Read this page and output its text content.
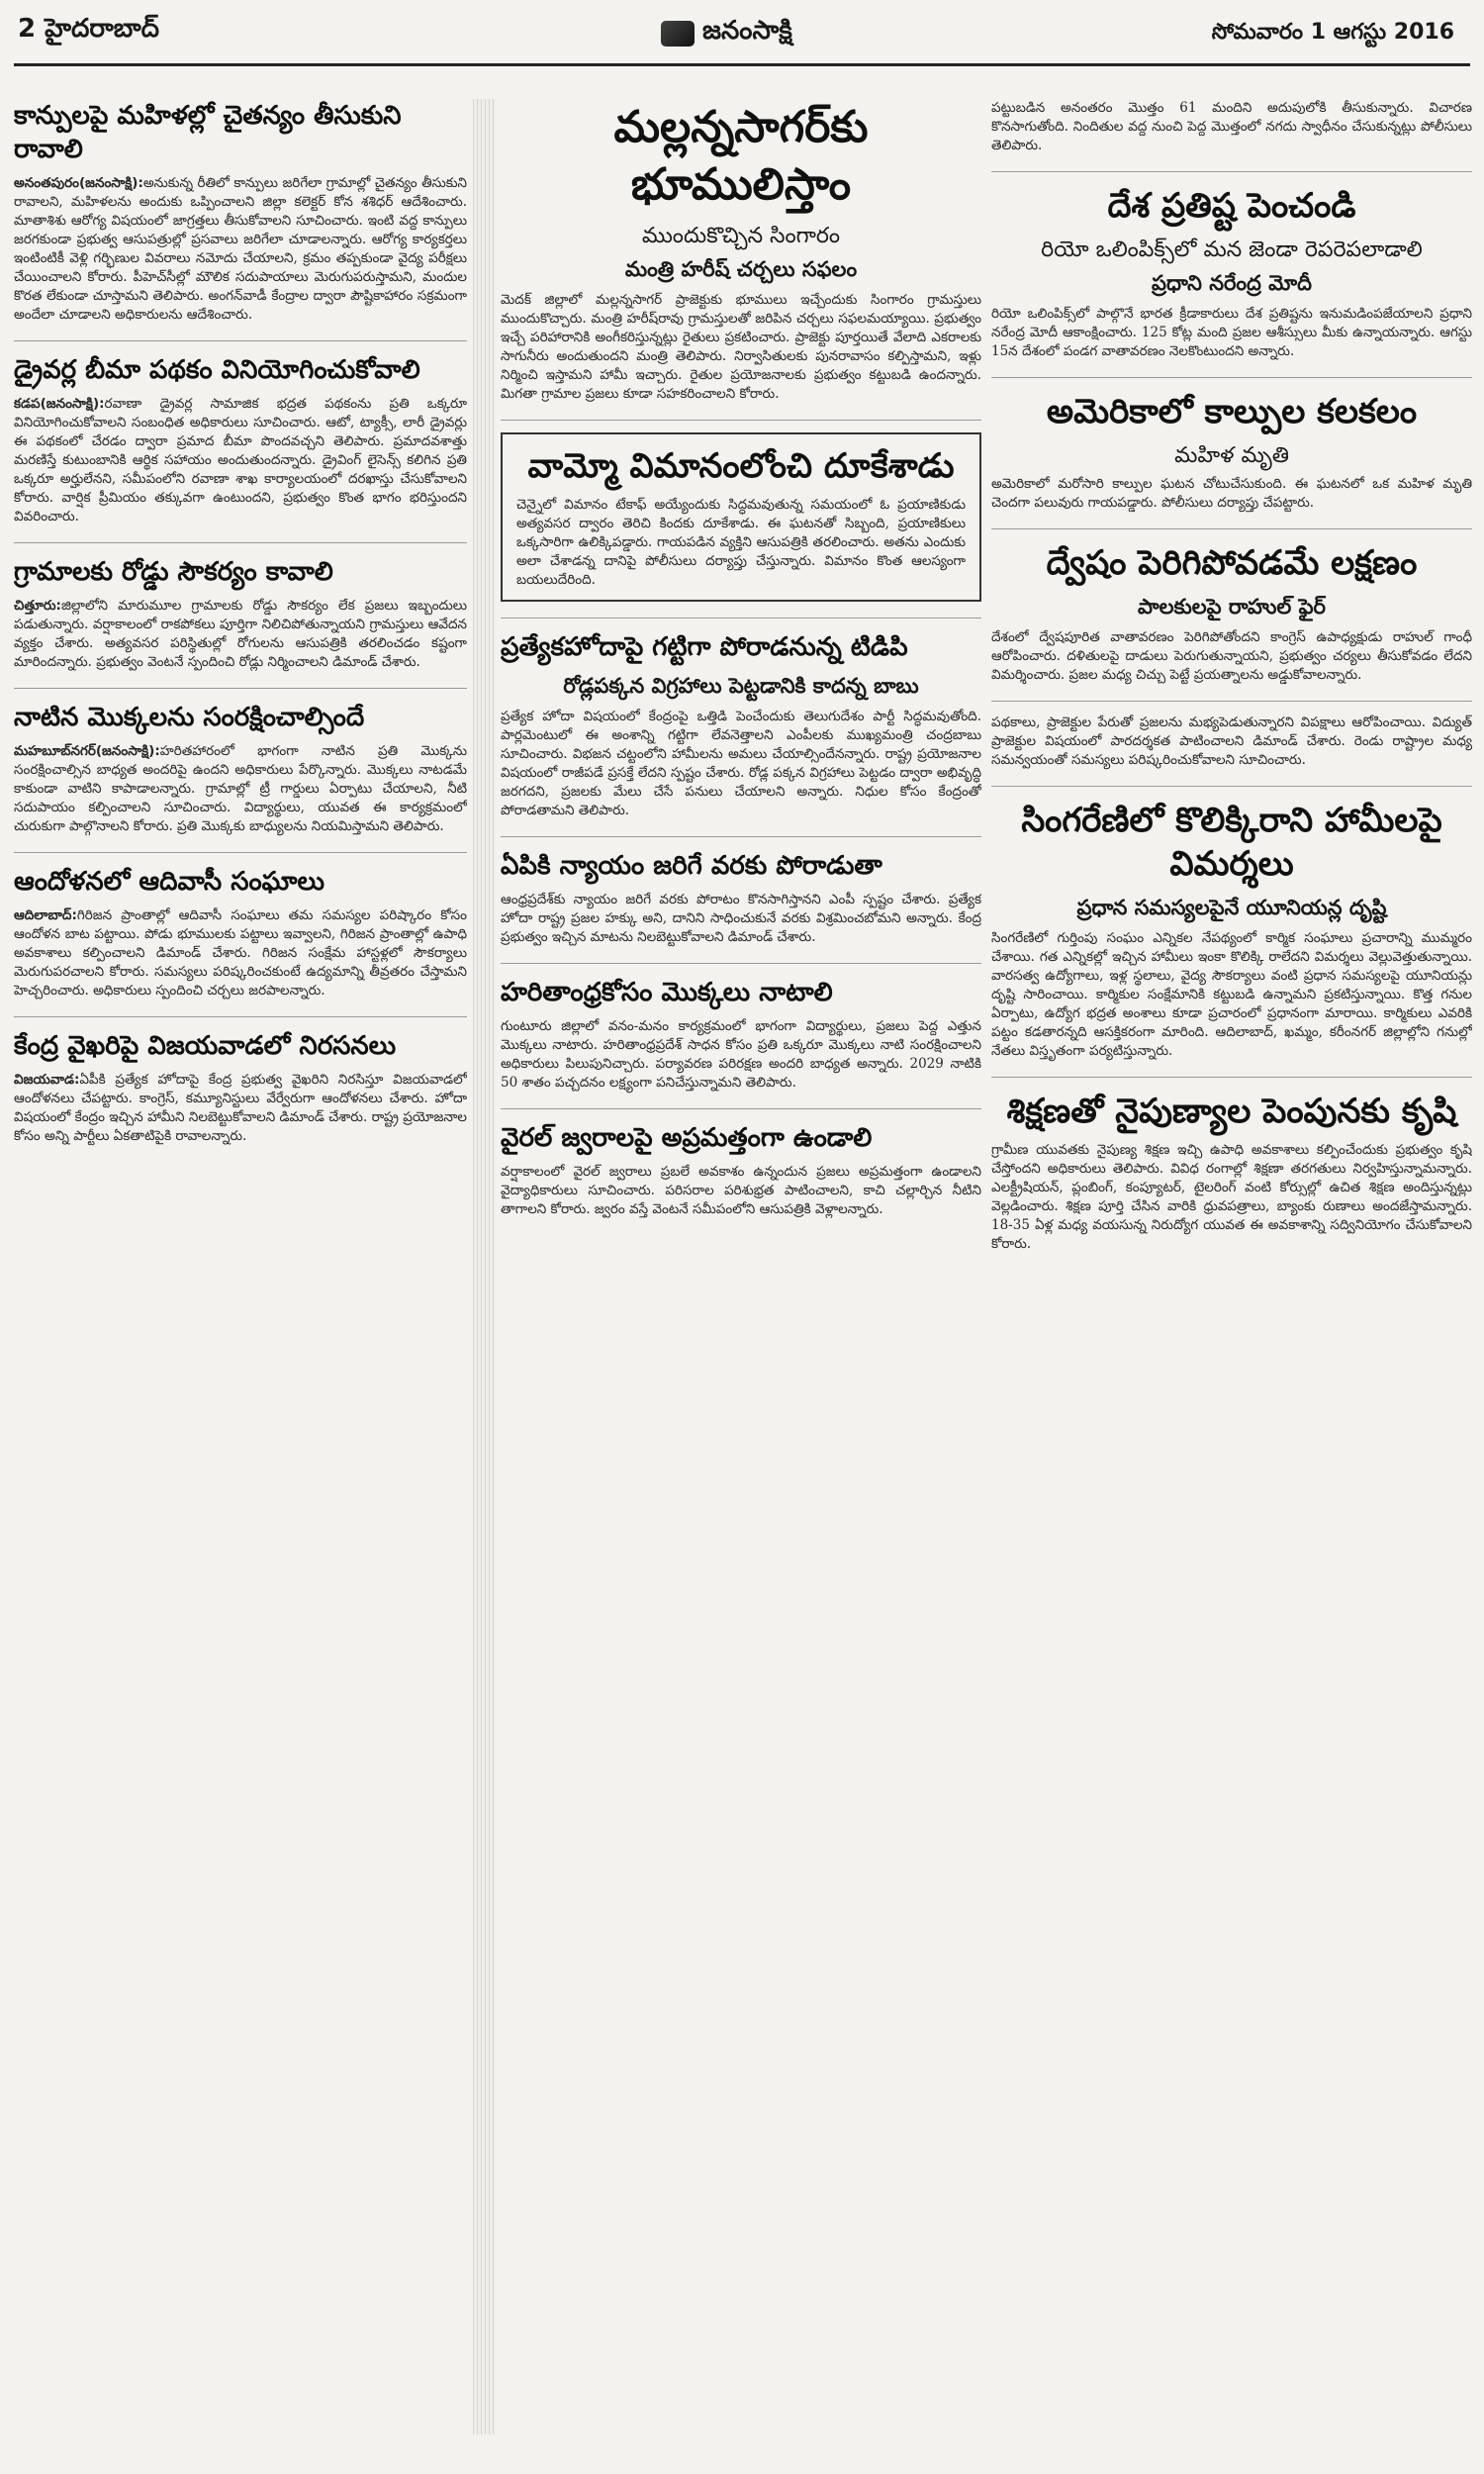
2 హైదరాబాద్	జనంసాక్షి	సోమవారం 1 ఆగస్టు 2016
కాన్పులపై మహిళల్లో చైతన్యం తీసుకుని రావాలి

అనంతపురం(జనంసాక్షి):అనుకున్న రీతిలో కాన్పులు జరిగేలా గ్రామాల్లో చైతన్యం తీసుకుని రావాలని, మహిళలను అందుకు ఒప్పించాలని జిల్లా కలెక్టర్ కోన శశిధర్ ఆదేశించారు. మాతాశిశు ఆరోగ్య విషయంలో జాగ్రత్తలు తీసుకోవాలని సూచించారు. ఇంటి వద్ద కాన్పులు జరగకుండా ప్రభుత్వ ఆసుపత్రుల్లో ప్రసవాలు జరిగేలా చూడాలన్నారు. ఆరోగ్య కార్యకర్తలు ఇంటింటికీ వెళ్లి గర్భిణుల వివరాలు నమోదు చేయాలని, క్రమం తప్పకుండా వైద్య పరీక్షలు చేయించాలని కోరారు. పీహెచ్‌సీల్లో మౌలిక సదుపాయాలు మెరుగుపరుస్తామని, మందుల కొరత లేకుండా చూస్తామని తెలిపారు. అంగన్‌వాడీ కేంద్రాల ద్వారా పౌష్టికాహారం సక్రమంగా అందేలా చూడాలని అధికారులను ఆదేశించారు.

డ్రైవర్ల బీమా పథకం వినియోగించుకోవాలి

కడప(జనంసాక్షి):రవాణా డ్రైవర్ల సామాజిక భద్రత పథకంను ప్రతి ఒక్కరూ వినియోగించుకోవాలని సంబంధిత అధికారులు సూచించారు. ఆటో, ట్యాక్సీ, లారీ డ్రైవర్లు ఈ పథకంలో చేరడం ద్వారా ప్రమాద బీమా పొందవచ్చని తెలిపారు. ప్రమాదవశాత్తు మరణిస్తే కుటుంబానికి ఆర్థిక సహాయం అందుతుందన్నారు. డ్రైవింగ్ లైసెన్స్ కలిగిన ప్రతి ఒక్కరూ అర్హులేనని, సమీపంలోని రవాణా శాఖ కార్యాలయంలో దరఖాస్తు చేసుకోవాలని కోరారు. వార్షిక ప్రీమియం తక్కువగా ఉంటుందని, ప్రభుత్వం కొంత భాగం భరిస్తుందని వివరించారు.

గ్రామాలకు రోడ్డు సౌకర్యం కావాలి

చిత్తూరు:జిల్లాలోని మారుమూల గ్రామాలకు రోడ్డు సౌకర్యం లేక ప్రజలు ఇబ్బందులు పడుతున్నారు. వర్షాకాలంలో రాకపోకలు పూర్తిగా నిలిచిపోతున్నాయని గ్రామస్తులు ఆవేదన వ్యక్తం చేశారు. అత్యవసర పరిస్థితుల్లో రోగులను ఆసుపత్రికి తరలించడం కష్టంగా మారిందన్నారు. ప్రభుత్వం వెంటనే స్పందించి రోడ్లు నిర్మించాలని డిమాండ్ చేశారు.

నాటిన మొక్కలను సంరక్షించాల్సిందే

మహబూబ్‌నగర్(జనంసాక్షి):హరితహారంలో భాగంగా నాటిన ప్రతి మొక్కను సంరక్షించాల్సిన బాధ్యత అందరిపై ఉందని అధికారులు పేర్కొన్నారు. మొక్కలు నాటడమే కాకుండా వాటిని కాపాడాలన్నారు. గ్రామాల్లో ట్రీ గార్డులు ఏర్పాటు చేయాలని, నీటి సదుపాయం కల్పించాలని సూచించారు. విద్యార్థులు, యువత ఈ కార్యక్రమంలో చురుకుగా పాల్గొనాలని కోరారు. ప్రతి మొక్కకు బాధ్యులను నియమిస్తామని తెలిపారు.

ఆందోళనలో ఆదివాసీ సంఘాలు

ఆదిలాబాద్:గిరిజన ప్రాంతాల్లో ఆదివాసీ సంఘాలు తమ సమస్యల పరిష్కారం కోసం ఆందోళన బాట పట్టాయి. పోడు భూములకు పట్టాలు ఇవ్వాలని, గిరిజన ప్రాంతాల్లో ఉపాధి అవకాశాలు కల్పించాలని డిమాండ్ చేశారు. గిరిజన సంక్షేమ హాస్టళ్లలో సౌకర్యాలు మెరుగుపరచాలని కోరారు. సమస్యలు పరిష్కరించకుంటే ఉద్యమాన్ని తీవ్రతరం చేస్తామని హెచ్చరించారు. అధికారులు స్పందించి చర్చలు జరపాలన్నారు.

కేంద్ర వైఖరిపై విజయవాడలో నిరసనలు

విజయవాడ:ఏపీకి ప్రత్యేక హోదాపై కేంద్ర ప్రభుత్వ వైఖరిని నిరసిస్తూ విజయవాడలో ఆందోళనలు చేపట్టారు. కాంగ్రెస్, కమ్యూనిస్టులు వేర్వేరుగా ఆందోళనలు చేశారు. హోదా విషయంలో కేంద్రం ఇచ్చిన హామీని నిలబెట్టుకోవాలని డిమాండ్ చేశారు. రాష్ట్ర ప్రయోజనాల కోసం అన్ని పార్టీలు ఏకతాటిపైకి రావాలన్నారు.

మల్లన్నసాగర్‌కు భూములిస్తాం
ముందుకొచ్చిన సింగారం
మంత్రి హరీష్ చర్చలు సఫలం

మెదక్ జిల్లాలో మల్లన్నసాగర్ ప్రాజెక్టుకు భూములు ఇచ్చేందుకు సింగారం గ్రామస్తులు ముందుకొచ్చారు. మంత్రి హరీష్‌రావు గ్రామస్తులతో జరిపిన చర్చలు సఫలమయ్యాయి. ప్రభుత్వం ఇచ్చే పరిహారానికి అంగీకరిస్తున్నట్లు రైతులు ప్రకటించారు. ప్రాజెక్టు పూర్తయితే వేలాది ఎకరాలకు సాగునీరు అందుతుందని మంత్రి తెలిపారు. నిర్వాసితులకు పునరావాసం కల్పిస్తామని, ఇళ్లు నిర్మించి ఇస్తామని హామీ ఇచ్చారు. రైతుల ప్రయోజనాలకు ప్రభుత్వం కట్టుబడి ఉందన్నారు. మిగతా గ్రామాల ప్రజలు కూడా సహకరించాలని కోరారు.

వామ్మో విమానంలోంచి దూకేశాడు

చెన్నైలో విమానం టేకాఫ్ అయ్యేందుకు సిద్ధమవుతున్న సమయంలో ఓ ప్రయాణికుడు అత్యవసర ద్వారం తెరిచి కిందకు దూకేశాడు. ఈ ఘటనతో సిబ్బంది, ప్రయాణికులు ఒక్కసారిగా ఉలిక్కిపడ్డారు. గాయపడిన వ్యక్తిని ఆసుపత్రికి తరలించారు. అతను ఎందుకు అలా చేశాడన్న దానిపై పోలీసులు దర్యాప్తు చేస్తున్నారు. విమానం కొంత ఆలస్యంగా బయలుదేరింది.

ప్రత్యేకహోదాపై గట్టిగా పోరాడనున్న టిడిపి
రోడ్లపక్కన విగ్రహాలు పెట్టడానికి కాదన్న బాబు

ప్రత్యేక హోదా విషయంలో కేంద్రంపై ఒత్తిడి పెంచేందుకు తెలుగుదేశం పార్టీ సిద్ధమవుతోంది. పార్లమెంటులో ఈ అంశాన్ని గట్టిగా లేవనెత్తాలని ఎంపీలకు ముఖ్యమంత్రి చంద్రబాబు సూచించారు. విభజన చట్టంలోని హామీలను అమలు చేయాల్సిందేనన్నారు. రాష్ట్ర ప్రయోజనాల విషయంలో రాజీపడే ప్రసక్తే లేదని స్పష్టం చేశారు. రోడ్ల పక్కన విగ్రహాలు పెట్టడం ద్వారా అభివృద్ధి జరగదని, ప్రజలకు మేలు చేసే పనులు చేయాలని అన్నారు. నిధుల కోసం కేంద్రంతో పోరాడతామని తెలిపారు.

ఏపికి న్యాయం జరిగే వరకు పోరాడుతా

ఆంధ్రప్రదేశ్‌కు న్యాయం జరిగే వరకు పోరాటం కొనసాగిస్తానని ఎంపీ స్పష్టం చేశారు. ప్రత్యేక హోదా రాష్ట్ర ప్రజల హక్కు అని, దానిని సాధించుకునే వరకు విశ్రమించబోమని అన్నారు. కేంద్ర ప్రభుత్వం ఇచ్చిన మాటను నిలబెట్టుకోవాలని డిమాండ్ చేశారు.

హరితాంధ్రకోసం మొక్కలు నాటాలి

గుంటూరు జిల్లాలో వనం-మనం కార్యక్రమంలో భాగంగా విద్యార్థులు, ప్రజలు పెద్ద ఎత్తున మొక్కలు నాటారు. హరితాంధ్రప్రదేశ్ సాధన కోసం ప్రతి ఒక్కరూ మొక్కలు నాటి సంరక్షించాలని అధికారులు పిలుపునిచ్చారు. పర్యావరణ పరిరక్షణ అందరి బాధ్యత అన్నారు. 2029 నాటికి 50 శాతం పచ్చదనం లక్ష్యంగా పనిచేస్తున్నామని తెలిపారు.

వైరల్ జ్వరాలపై అప్రమత్తంగా ఉండాలి

వర్షాకాలంలో వైరల్ జ్వరాలు ప్రబలే అవకాశం ఉన్నందున ప్రజలు అప్రమత్తంగా ఉండాలని వైద్యాధికారులు సూచించారు. పరిసరాల పరిశుభ్రత పాటించాలని, కాచి చల్లార్చిన నీటిని తాగాలని కోరారు. జ్వరం వస్తే వెంటనే సమీపంలోని ఆసుపత్రికి వెళ్లాలన్నారు.

పట్టుబడిన అనంతరం మొత్తం 61 మందిని అదుపులోకి తీసుకున్నారు. విచారణ కొనసాగుతోంది. నిందితుల వద్ద నుంచి పెద్ద మొత్తంలో నగదు స్వాధీనం చేసుకున్నట్లు పోలీసులు తెలిపారు.

దేశ ప్రతిష్ట పెంచండి
రియో ఒలింపిక్స్‌లో మన జెండా రెపరెపలాడాలి
ప్రధాని నరేంద్ర మోదీ

రియో ఒలింపిక్స్‌లో పాల్గొనే భారత క్రీడాకారులు దేశ ప్రతిష్టను ఇనుమడింపజేయాలని ప్రధాని నరేంద్ర మోదీ ఆకాంక్షించారు. 125 కోట్ల మంది ప్రజల ఆశీస్సులు మీకు ఉన్నాయన్నారు. ఆగస్టు 15న దేశంలో పండగ వాతావరణం నెలకొంటుందని అన్నారు.

అమెరికాలో కాల్పుల కలకలం
మహిళ మృతి

అమెరికాలో మరోసారి కాల్పుల ఘటన చోటుచేసుకుంది. ఈ ఘటనలో ఒక మహిళ మృతి చెందగా పలువురు గాయపడ్డారు. పోలీసులు దర్యాప్తు చేపట్టారు.

ద్వేషం పెరిగిపోవడమే లక్షణం
పాలకులపై రాహుల్ ఫైర్

దేశంలో ద్వేషపూరిత వాతావరణం పెరిగిపోతోందని కాంగ్రెస్ ఉపాధ్యక్షుడు రాహుల్ గాంధీ ఆరోపించారు. దళితులపై దాడులు పెరుగుతున్నాయని, ప్రభుత్వం చర్యలు తీసుకోవడం లేదని విమర్శించారు. ప్రజల మధ్య చిచ్చు పెట్టే ప్రయత్నాలను అడ్డుకోవాలన్నారు.

పథకాలు, ప్రాజెక్టుల పేరుతో ప్రజలను మభ్యపెడుతున్నారని విపక్షాలు ఆరోపించాయి. విద్యుత్ ప్రాజెక్టుల విషయంలో పారదర్శకత పాటించాలని డిమాండ్ చేశారు. రెండు రాష్ట్రాల మధ్య సమన్వయంతో సమస్యలు పరిష్కరించుకోవాలని సూచించారు.

సింగరేణిలో కొలిక్కిరాని హామీలపై విమర్శలు
ప్రధాన సమస్యలపైనే యూనియన్ల దృష్టి

సింగరేణిలో గుర్తింపు సంఘం ఎన్నికల నేపథ్యంలో కార్మిక సంఘాలు ప్రచారాన్ని ముమ్మరం చేశాయి. గత ఎన్నికల్లో ఇచ్చిన హామీలు ఇంకా కొలిక్కి రాలేదని విమర్శలు వెల్లువెత్తుతున్నాయి. వారసత్వ ఉద్యోగాలు, ఇళ్ల స్థలాలు, వైద్య సౌకర్యాలు వంటి ప్రధాన సమస్యలపై యూనియన్లు దృష్టి సారించాయి. కార్మికుల సంక్షేమానికి కట్టుబడి ఉన్నామని ప్రకటిస్తున్నాయి. కొత్త గనుల ఏర్పాటు, ఉద్యోగ భద్రత అంశాలు కూడా ప్రచారంలో ప్రధానంగా మారాయి. కార్మికులు ఎవరికి పట్టం కడతారన్నది ఆసక్తికరంగా మారింది. ఆదిలాబాద్, ఖమ్మం, కరీంనగర్ జిల్లాల్లోని గనుల్లో నేతలు విస్తృతంగా పర్యటిస్తున్నారు.

శిక్షణతో నైపుణ్యాల పెంపునకు కృషి

గ్రామీణ యువతకు నైపుణ్య శిక్షణ ఇచ్చి ఉపాధి అవకాశాలు కల్పించేందుకు ప్రభుత్వం కృషి చేస్తోందని అధికారులు తెలిపారు. వివిధ రంగాల్లో శిక్షణా తరగతులు నిర్వహిస్తున్నామన్నారు. ఎలక్ట్రీషియన్, ప్లంబింగ్, కంప్యూటర్, టైలరింగ్ వంటి కోర్సుల్లో ఉచిత శిక్షణ అందిస్తున్నట్లు వెల్లడించారు. శిక్షణ పూర్తి చేసిన వారికి ధ్రువపత్రాలు, బ్యాంకు రుణాలు అందజేస్తామన్నారు. 18-35 ఏళ్ల మధ్య వయసున్న నిరుద్యోగ యువత ఈ అవకాశాన్ని సద్వినియోగం చేసుకోవాలని కోరారు.
